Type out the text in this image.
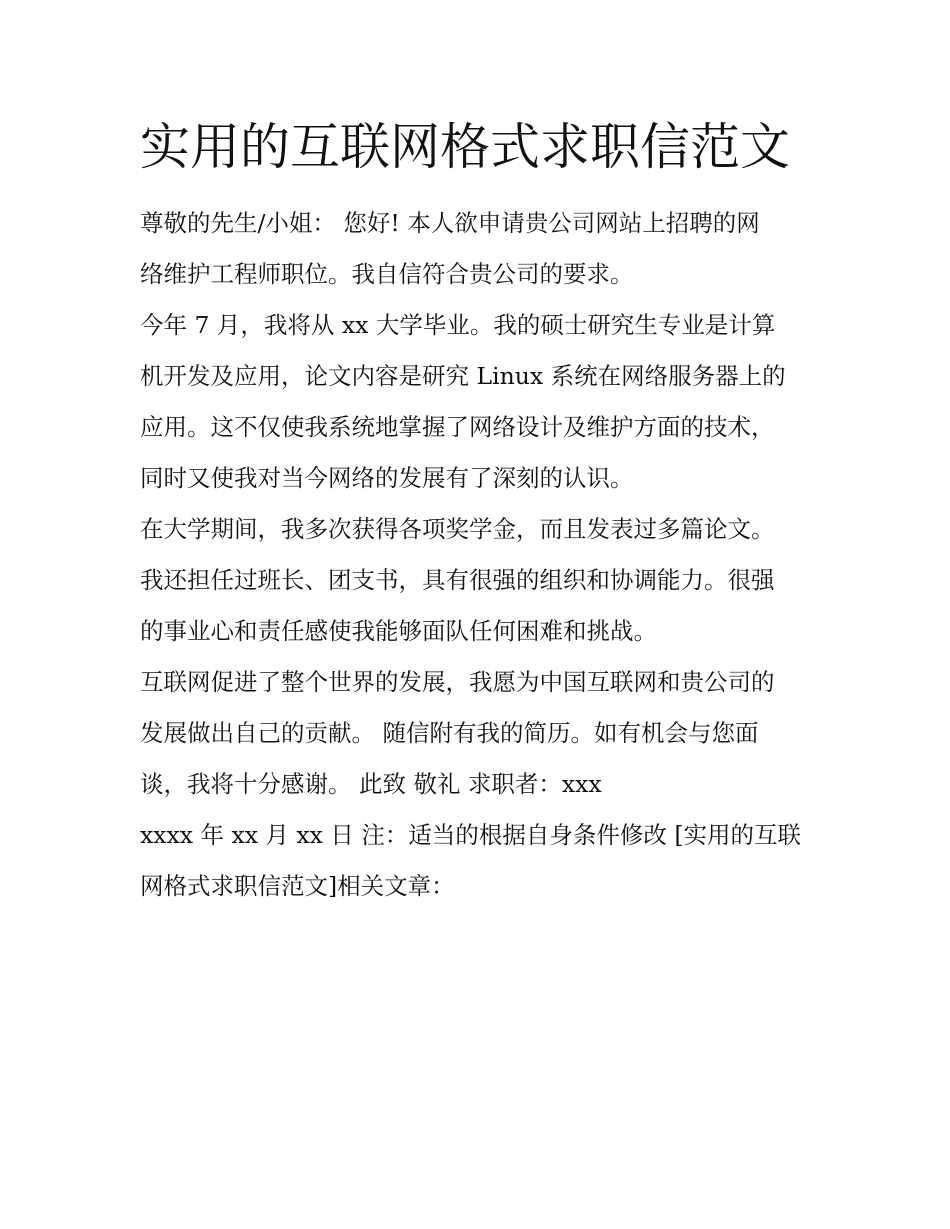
实用的互联网格式求职信范文

尊敬的先生/小姐： 您好! 本人欲申请贵公司网站上招聘的网
络维护工程师职位。我自信符合贵公司的要求。

今年 7 月，我将从 xx 大学毕业。我的硕士研究生专业是计算
机开发及应用，论文内容是研究 Linux 系统在网络服务器上的
应用。这不仅使我系统地掌握了网络设计及维护方面的技术，
同时又使我对当今网络的发展有了深刻的认识。

在大学期间，我多次获得各项奖学金，而且发表过多篇论文。
我还担任过班长、团支书，具有很强的组织和协调能力。很强
的事业心和责任感使我能够面队任何困难和挑战。

互联网促进了整个世界的发展，我愿为中国互联网和贵公司的
发展做出自己的贡献。 随信附有我的简历。如有机会与您面
谈，我将十分感谢。 此致 敬礼 求职者：xxx

xxxx 年 xx 月 xx 日 注：适当的根据自身条件修改 [实用的互联
网格式求职信范文]相关文章：
